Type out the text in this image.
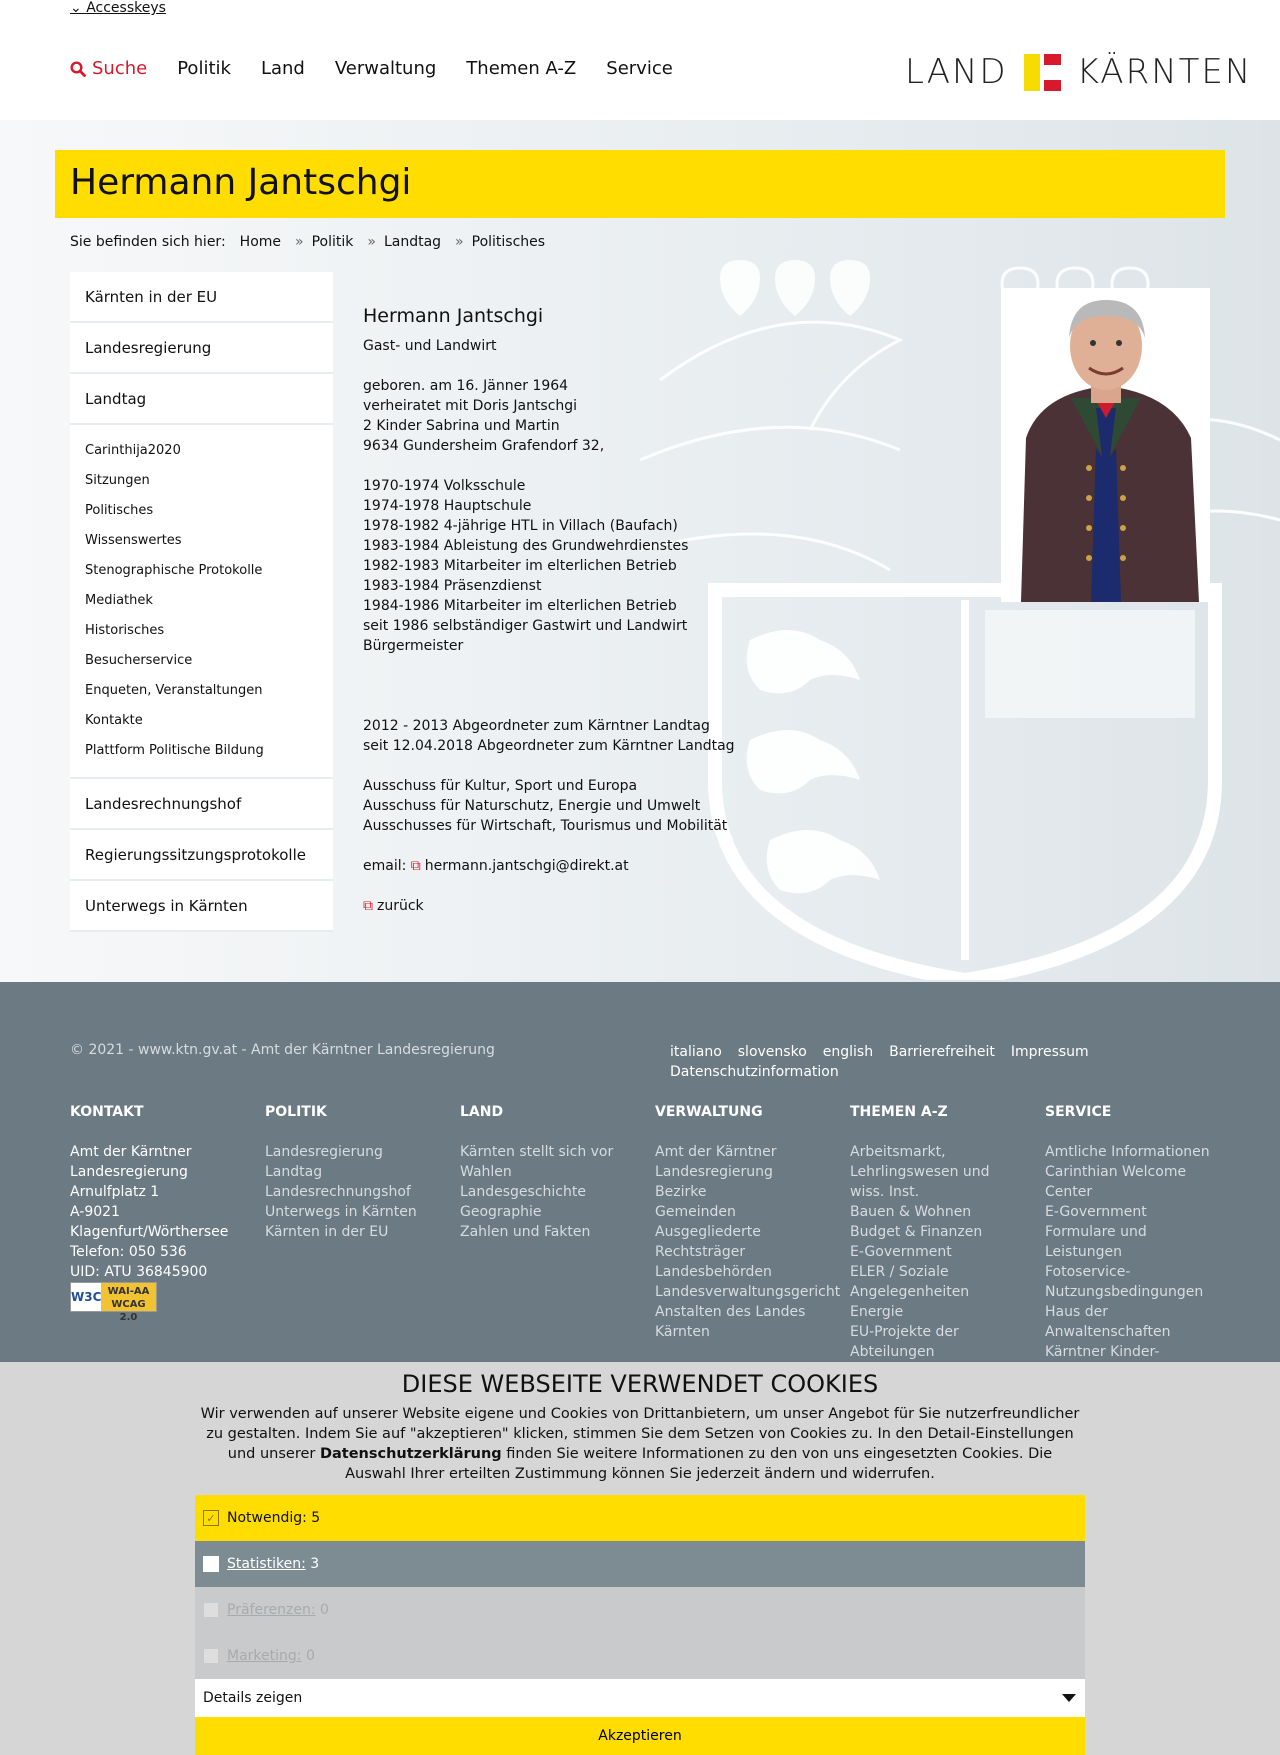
⌄ Accesskeys
Suche Politik Land Verwaltung Themen A-Z Service	LAND KÄRNTEN
Hermann Jantschgi
Sie befinden sich hier: Home » Politik » Landtag » Politisches
Kärnten in der EU
Landesregierung
Landtag
Carinthija2020
Sitzungen
Politisches
Wissenswertes
Stenographische Protokolle
Mediathek
Historisches
Besucherservice
Enqueten, Veranstaltungen
Kontakte
Plattform Politische Bildung
Landesrechnungshof
Regierungssitzungsprotokolle
Unterwegs in Kärnten
Hermann Jantschgi
Gast- und Landwirt
geboren. am 16. Jänner 1964
verheiratet mit Doris Jantschgi
2 Kinder Sabrina und Martin
9634 Gundersheim Grafendorf 32,
1970-1974 Volksschule
1974-1978 Hauptschule
1978-1982 4-jährige HTL in Villach (Baufach)
1983-1984 Ableistung des Grundwehrdienstes
1982-1983 Mitarbeiter im elterlichen Betrieb
1983-1984 Präsenzdienst
1984-1986 Mitarbeiter im elterlichen Betrieb
seit 1986 selbständiger Gastwirt und Landwirt
Bürgermeister
2012 - 2013 Abgeordneter zum Kärntner Landtag
seit 12.04.2018 Abgeordneter zum Kärntner Landtag
Ausschuss für Kultur, Sport und Europa
Ausschuss für Naturschutz, Energie und Umwelt
Ausschusses für Wirtschaft, Tourismus und Mobilität
email: ⧉ hermann.jantschgi@direkt.at
⧉ zurück
© 2021 - www.ktn.gv.at - Amt der Kärntner Landesregierung	italiano slovensko english Barrierefreiheit ImpressumDatenschutzinformation
KONTAKT
Amt der Kärntner
Landesregierung
Arnulfplatz 1
A-9021
Klagenfurt/Wörthersee
Telefon: 050 536
UID: ATU 36845900
POLITIK
Landesregierung
Landtag
Landesrechnungshof
Unterwegs in Kärnten
Kärnten in der EU
LAND
Kärnten stellt sich vor
Wahlen
Landesgeschichte
Geographie
Zahlen und Fakten
VERWALTUNG
Amt der Kärntner
Landesregierung
Bezirke
Gemeinden
Ausgegliederte
Rechtsträger
Landesbehörden
Landesverwaltungsgericht
Anstalten des Landes
Kärnten
THEMEN A-Z
Arbeitsmarkt,
Lehrlingswesen und
wiss. Inst.
Bauen & Wohnen
Budget & Finanzen
E-Government
ELER / Soziale
Angelegenheiten
Energie
EU-Projekte der
Abteilungen
SERVICE
Amtliche Informationen
Carinthian Welcome
Center
E-Government
Formulare und
Leistungen
Fotoservice-
Nutzungsbedingungen
Haus der
Anwaltenschaften
Kärntner Kinder-
W3C WAI-AA
WCAG 2.0
DIESE WEBSEITE VERWENDET COOKIES
Wir verwenden auf unserer Website eigene und Cookies von Drittanbietern, um unser Angebot für Sie nutzerfreundlicher zu gestalten. Indem Sie auf "akzeptieren" klicken, stimmen Sie dem Setzen von Cookies zu. In den Detail-Einstellungen und unserer Datenschutzerklärung finden Sie weitere Informationen zu den von uns eingesetzten Cookies. Die Auswahl Ihrer erteilten Zustimmung können Sie jederzeit ändern und widerrufen.
✓ Notwendig:
5
Statistiken:
3
Präferenzen:
0
Marketing:
0
Details zeigen
Akzeptieren
